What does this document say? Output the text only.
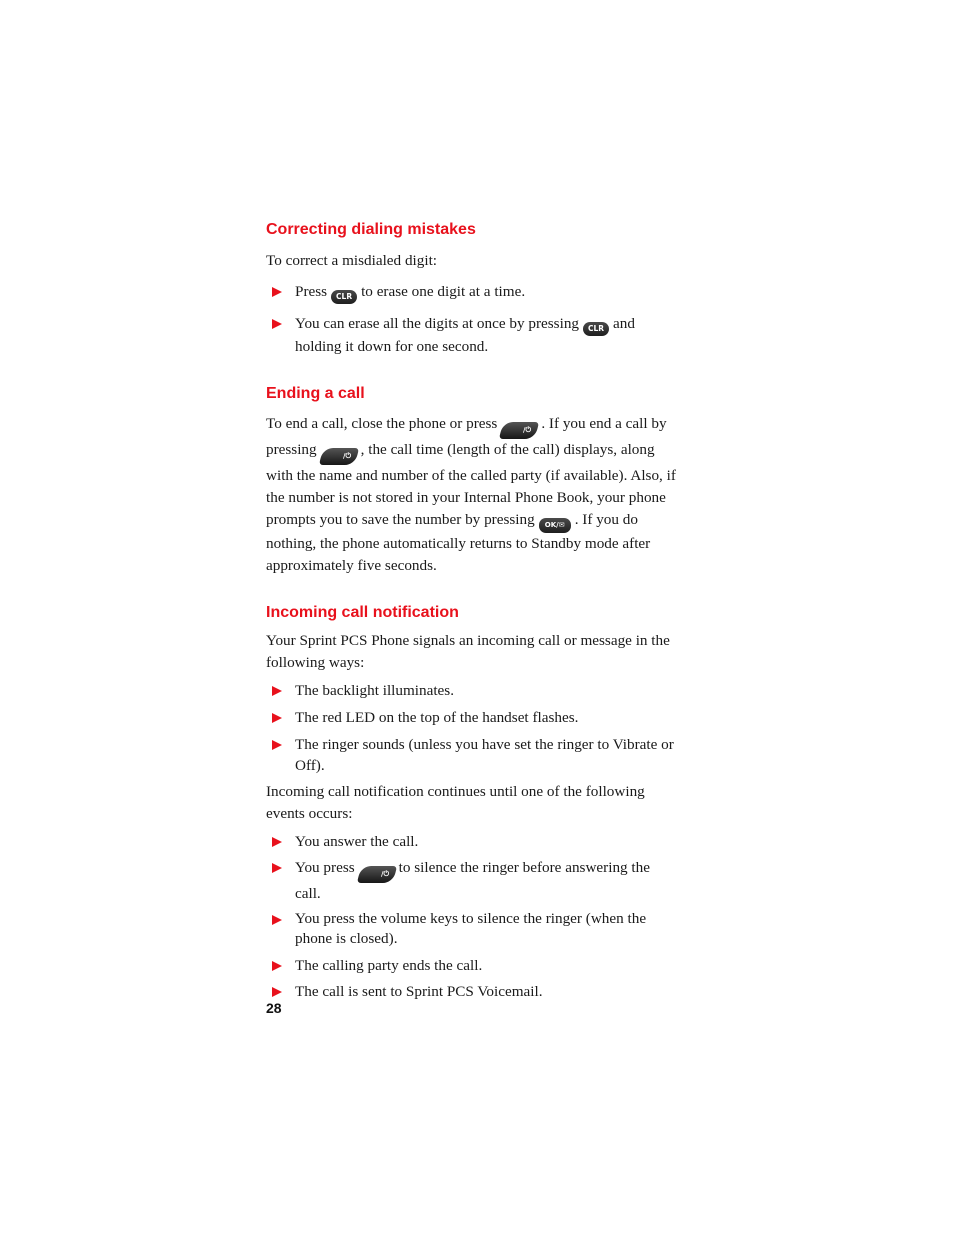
Correcting dialing mistakes

To correct a misdialed digit:

Press CLR to erase one digit at a time.
You can erase all the digits at once by pressing CLR and holding it down for one second.
Ending a call

To end a call, close the phone or press	/⏻ . If you end a call by pressing	/⏻ , the call time (length of the call) displays, along with the name and number of the called party (if available). Also, if the number is not stored in your Internal Phone Book, your phone prompts you to save the number by pressing OK/✉ . If you do nothing, the phone automatically returns to Standby mode after approximately five seconds.

Incoming call notification

Your Sprint PCS Phone signals an incoming call or message in the following ways:

The backlight illuminates.
The red LED on the top of the handset flashes.
The ringer sounds (unless you have set the ringer to Vibrate or Off).

Incoming call notification continues until one of the following events occurs:

You answer the call.
You press	/⏻ to silence the ringer before answering the call.
You press the volume keys to silence the ringer (when the phone is closed).
The calling party ends the call.
The call is sent to Sprint PCS Voicemail.
28
